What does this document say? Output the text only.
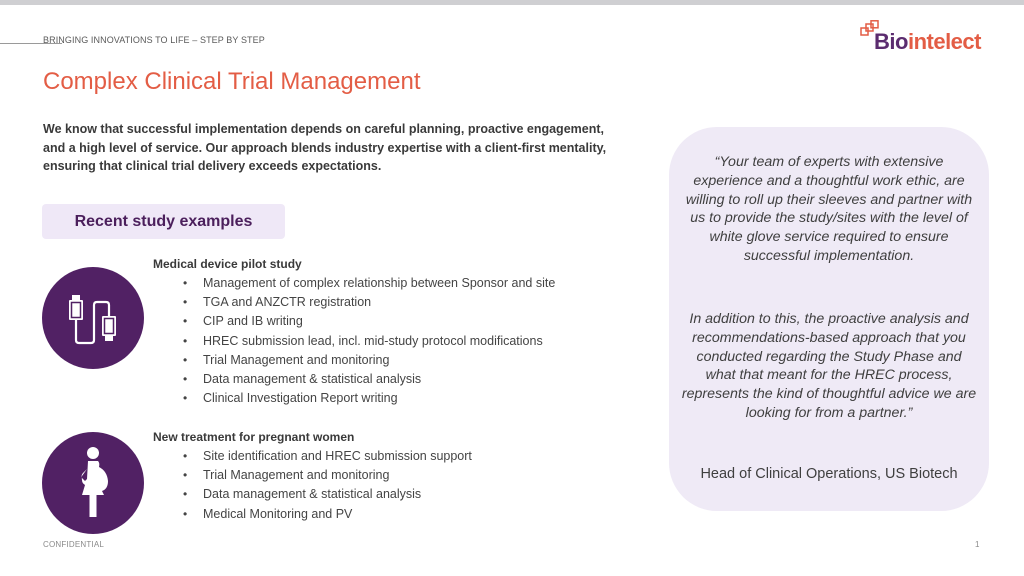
BRINGING INNOVATIONS TO LIFE – STEP BY STEP	Biointelect
Complex Clinical Trial Management

We know that successful implementation depends on careful planning, proactive engagement, and a high level of service. Our approach blends industry expertise with a client-first mentality, ensuring that clinical trial delivery exceeds expectations.

Recent study examples

Medical device pilot study

• Management of complex relationship between Sponsor and site
• TGA and ANZCTR registration
• CIP and IB writing
• HREC submission lead, incl. mid-study protocol modifications
• Trial Management and monitoring
• Data management & statistical analysis
• Clinical Investigation Report writing

New treatment for pregnant women

• Site identification and HREC submission support
• Trial Management and monitoring
• Data management & statistical analysis
• Medical Monitoring and PV

“Your team of experts with extensive experience and a thoughtful work ethic, are willing to roll up their sleeves and partner with us to provide the study/sites with the level of white glove service required to ensure successful implementation.

In addition to this, the proactive analysis and recommendations-based approach that you conducted regarding the Study Phase and what that meant for the HREC process, represents the kind of thoughtful advice we are looking for from a partner.”

Head of Clinical Operations, US Biotech
CONFIDENTIAL	1
